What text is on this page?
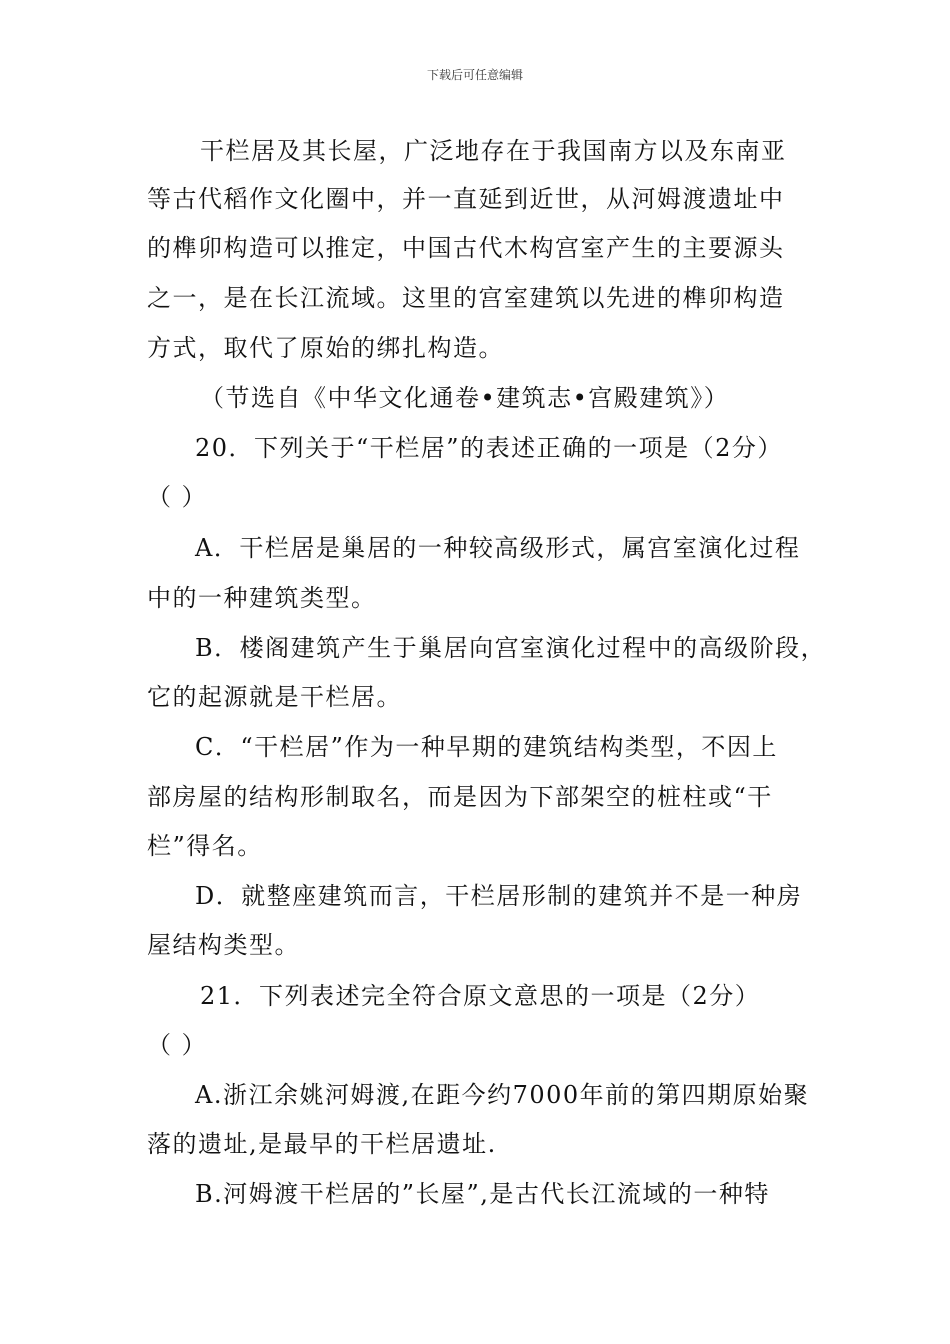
下载后可任意编辑
干栏居及其长屋，广泛地存在于我国南方以及东南亚
等古代稻作文化圈中，并一直延到近世，从河姆渡遗址中
的榫卯构造可以推定，中国古代木构宫室产生的主要源头
之一，是在长江流域。这里的宫室建筑以先进的榫卯构造
方式，取代了原始的绑扎构造。
（节选自《中华文化通卷•建筑志•宫殿建筑》）
20．下列关于“干栏居”的表述正确的一项是（2分）
（ ）
A．干栏居是巢居的一种较高级形式，属宫室演化过程
中的一种建筑类型。
B．楼阁建筑产生于巢居向宫室演化过程中的高级阶段，
它的起源就是干栏居。
C．“干栏居”作为一种早期的建筑结构类型，不因上
部房屋的结构形制取名，而是因为下部架空的桩柱或“干
栏”得名。
D．就整座建筑而言，干栏居形制的建筑并不是一种房
屋结构类型。
21．下列表述完全符合原文意思的一项是（2分）
（ ）
A.浙江余姚河姆渡,在距今约7000年前的第四期原始聚
落的遗址,是最早的干栏居遗址.
B.河姆渡干栏居的”长屋”,是古代长江流域的一种特
